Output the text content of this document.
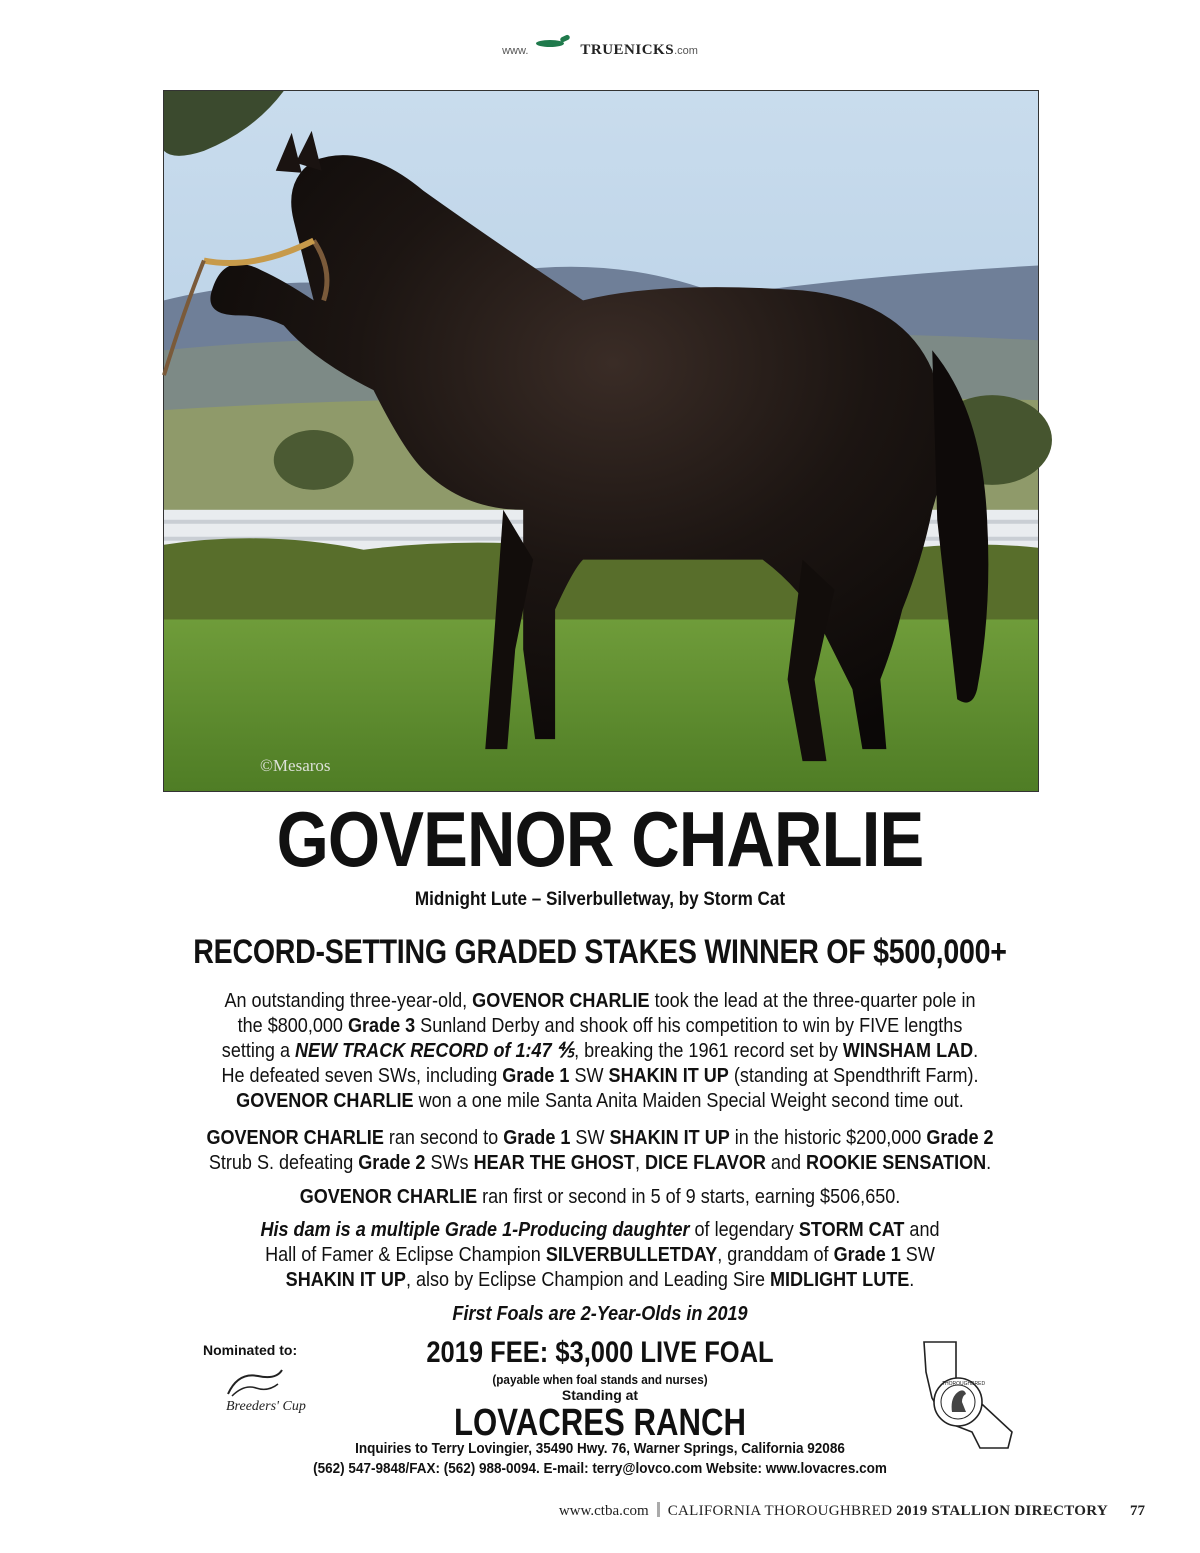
www.	TRUENICKS.com
©Mesaros
GOVENOR CHARLIE
Midnight Lute – Silverbulletway, by Storm Cat
RECORD-SETTING GRADED STAKES WINNER OF $500,000+

An outstanding three-year-old, GOVENOR CHARLIE took the lead at the three-quarter pole in

the $800,000 Grade 3 Sunland Derby and shook off his competition to win by FIVE lengths

setting a NEW TRACK RECORD of 1:47 ⅘, breaking the 1961 record set by WINSHAM LAD.

He defeated seven SWs, including Grade 1 SW SHAKIN IT UP (standing at Spendthrift Farm).

GOVENOR CHARLIE won a one mile Santa Anita Maiden Special Weight second time out.

GOVENOR CHARLIE ran second to Grade 1 SW SHAKIN IT UP in the historic $200,000 Grade 2

Strub S. defeating Grade 2 SWs HEAR THE GHOST, DICE FLAVOR and ROOKIE SENSATION.

GOVENOR CHARLIE ran first or second in 5 of 9 starts, earning $506,650.

His dam is a multiple Grade 1-Producing daughter of legendary STORM CAT and

Hall of Famer & Eclipse Champion SILVERBULLETDAY, granddam of Grade 1 SW

SHAKIN IT UP, also by Eclipse Champion and Leading Sire MIDLIGHT LUTE.

First Foals are 2-Year-Olds in 2019

Nominated to:
Breeders' Cup
THOROUGHBRED
2019 FEE: $3,000 LIVE FOAL
(payable when foal stands and nurses)
Standing at
LOVACRES RANCH
Inquiries to Terry Lovingier, 35490 Hwy. 76, Warner Springs, California 92086
(562) 547-9848/FAX: (562) 988-0094. E-mail: terry@lovco.com Website: www.lovacres.com
www.ctba.com CALIFORNIA THOROUGHBRED 2019 STALLION DIRECTORY 77
